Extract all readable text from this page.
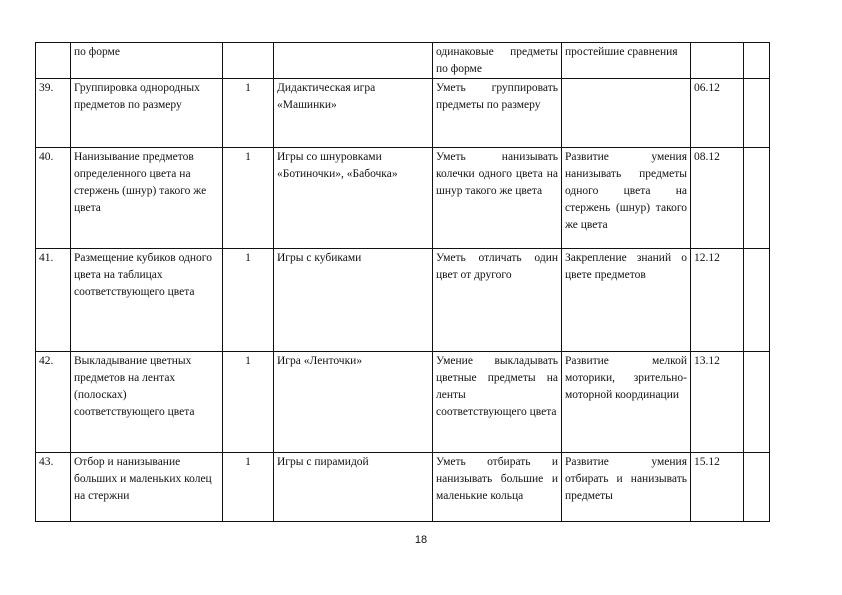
	по форме			одинаковые предметы по форме	простейшие сравнения		
39.	Группировка однородных предметов по размеру	1	Дидактическая игра «Машинки»	Уметь группировать предметы по размеру		06.12	
40.	Нанизывание предметов определенного цвета на стержень (шнур) такого же цвета	1	Игры со шнуровками «Ботиночки», «Бабочка»	Уметь нанизывать колечки одного цвета на шнур такого же цвета	Развитие умения нанизывать предметы одного цвета на стержень (шнур) такого же цвета	08.12	
41.	Размещение кубиков одного цвета на таблицах соответствующего цвета	1	Игры с кубиками	Уметь отличать один цвет от другого	Закрепление знаний о цвете предметов	12.12	
42.	Выкладывание цветных предметов на лентах (полосках) соответствующего цвета	1	Игра «Ленточки»	Умение выкладывать цветные предметы на ленты соответствующего цвета	Развитие мелкой моторики, зрительно-моторной координации	13.12	
43.	Отбор и нанизывание больших и маленьких колец на стержни	1	Игры с пирамидой	Уметь отбирать и нанизывать большие и маленькие кольца	Развитие умения отбирать и нанизывать предметы	15.12	
18
